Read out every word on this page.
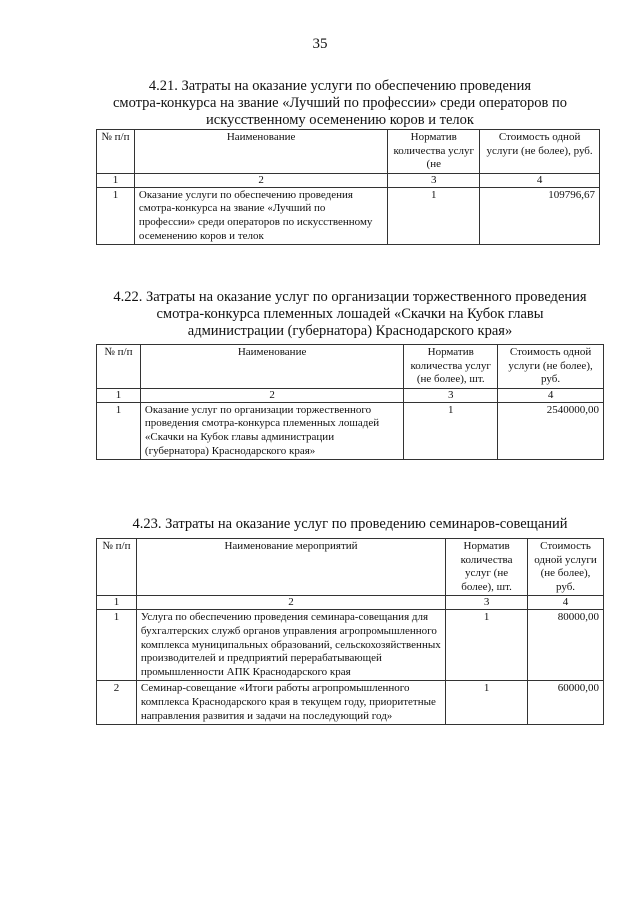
35
4.21. Затраты на оказание услуги по обеспечению проведения
смотра-конкурса на звание «Лучший по профессии» среди операторов по
искусственному осеменению коров и телок
№ п/п	Наименование	Норматив количества услуг (не	Стоимость одной услуги (не более), руб.
1	2	3	4
1	Оказание услуги по обеспечению проведения смотра-конкурса на звание «Лучший по профессии» среди операторов по искусственному осеменению коров и телок	1	109796,67
4.22. Затраты на оказание услуг по организации торжественного проведения
смотра-конкурса племенных лошадей «Скачки на Кубок главы
администрации (губернатора) Краснодарского края»
№ п/п	Наименование	Норматив количества услуг (не более), шт.	Стоимость одной услуги (не более), руб.
1	2	3	4
1	Оказание услуг по организации торжественного проведения смотра-конкурса племенных лошадей «Скачки на Кубок главы администрации (губернатора) Краснодарского края»	1	2540000,00
4.23. Затраты на оказание услуг по проведению семинаров-совещаний
№ п/п	Наименование мероприятий	Норматив количества услуг (не более), шт.	Стоимость одной услуги (не более), руб.
1	2	3	4
1	Услуга по обеспечению проведения семинара-совещания для бухгалтерских служб органов управления агропромышленного комплекса муниципальных образований, сельскохозяйственных производителей и предприятий перерабатывающей промышленности АПК Краснодарского края	1	80000,00
2	Семинар-совещание «Итоги работы агропромышленного комплекса Краснодарского края в текущем году, приоритетные направления развития и задачи на последующий год»	1	60000,00
